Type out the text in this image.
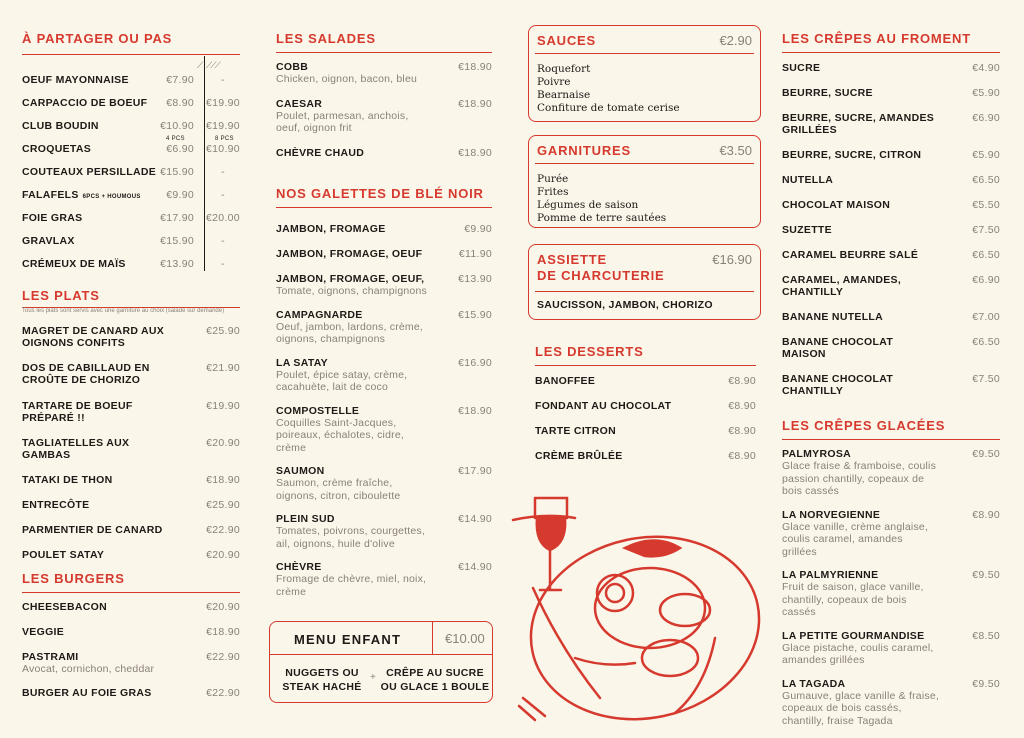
À PARTAGER OU PAS
⟋ ⟋⟋⟋
OEUF MAYONNAISE	€7.90	-
CARPACCIO DE BOEUF	€8.90 €19.90
CLUB BOUDIN	€10.90 €19.90
CROQUETAS	€6.90 €10.90
4 PCS	8 PCS
COUTEAUX PERSILLADE €15.90	-
FALAFELS 6PCS + HOUMOUS	€9.90	-
FOIE GRAS	€17.90 €20.00
GRAVLAX	€15.90	-
CRÉMEUX DE MAÏS	€13.90	-
LES PLATS
Tous les plats sont servis avec une garniture au choix (salade sur demande)
MAGRET DE CANARD AUX OIGNONS CONFITS
€25.90
DOS DE CABILLAUD EN CROÛTE DE CHORIZO
€21.90
TARTARE DE BOEUF	€19.90
PRÉPARÉ !!
TAGLIATELLES AUX GAMBAS
€20.90
TATAKI DE THON	€18.90
ENTRECÔTE	€25.90
PARMENTIER DE CANARD	€22.90
POULET SATAY	€20.90
LES BURGERS
CHEESEBACON	€20.90
VEGGIE	€18.90
PASTRAMI	€22.90
Avocat, cornichon, cheddar
BURGER AU FOIE GRAS	€22.90
LES SALADES
COBB	€18.90
Chicken, oignon, bacon, bleu
CAESAR	€18.90
Poulet, parmesan, anchois, oeuf, oignon frit
CHÈVRE CHAUD	€18.90
NOS GALETTES DE BLÉ NOIR
JAMBON, FROMAGE	€9.90
JAMBON, FROMAGE, OEUF	€11.90
JAMBON, FROMAGE, OEUF,	€13.90
Tomate, oignons, champignons
CAMPAGNARDE	€15.90
Oeuf, jambon, lardons, crème, oignons, champignons
LA SATAY	€16.90
Poulet, épice satay, crème, cacahuète, lait de coco
COMPOSTELLE	€18.90
Coquilles Saint-Jacques, poireaux, échalotes, cidre, crème
SAUMON	€17.90
Saumon, crème fraîche, oignons, citron, ciboulette
PLEIN SUD	€14.90
Tomates, poivrons, courgettes, ail, oignons, huile d'olive
CHÈVRE	€14.90
Fromage de chèvre, miel, noix, crème
MENU ENFANT	€10.00
NUGGETS OU STEAK HACHÉ
+ CRÊPE AU SUCRE OU GLACE 1 BOULE
SAUCES	€2.90
Roquefort
Poivre
Bearnaise
Confiture de tomate cerise
GARNITURES	€3.50
Purée
Frites
Légumes de saison
Pomme de terre sautées
ASSIETTE
DE CHARCUTERIE
€16.90
SAUCISSON, JAMBON, CHORIZO
LES DESSERTS
BANOFFEE	€8.90
FONDANT AU CHOCOLAT	€8.90
TARTE CITRON	€8.90
CRÈME BRÛLÉE	€8.90
LES CRÊPES AU FROMENT
SUCRE	€4.90
BEURRE, SUCRE	€5.90
BEURRE, SUCRE, AMANDES GRILLÉES
€6.90
BEURRE, SUCRE, CITRON	€5.90
NUTELLA	€6.50
CHOCOLAT MAISON	€5.50
SUZETTE	€7.50
CARAMEL BEURRE SALÉ	€6.50
CARAMEL, AMANDES, CHANTILLY
€6.90
BANANE NUTELLA	€7.00
BANANE CHOCOLAT MAISON
€6.50
BANANE CHOCOLAT CHANTILLY
€7.50
LES CRÊPES GLACÉES
PALMYROSA	€9.50
Glace fraise & framboise, coulis passion chantilly, copeaux de bois cassés
LA NORVEGIENNE	€8.90
Glace vanille, crème anglaise, coulis caramel, amandes grillées
LA PALMYRIENNE	€9.50
Fruit de saison, glace vanille, chantilly, copeaux de bois cassés
LA PETITE GOURMANDISE	€8.50
Glace pistache, coulis caramel, amandes grillées
LA TAGADA	€9.50
Gumauve, glace vanille & fraise, copeaux de bois cassés, chantilly, fraise Tagada
